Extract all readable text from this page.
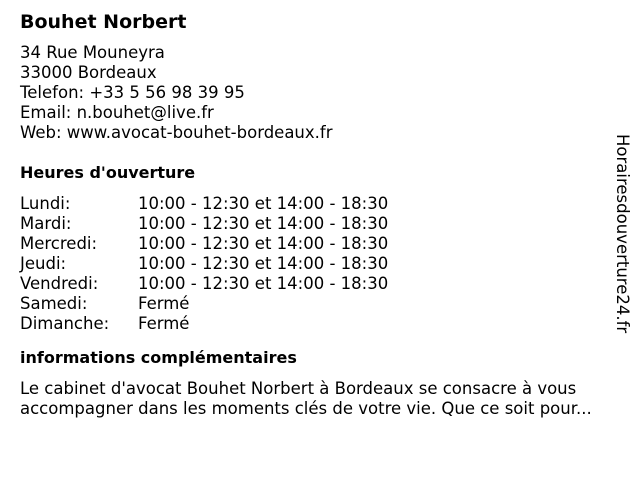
Bouhet Norbert
34 Rue Mouneyra
33000 Bordeaux
Telefon: +33 5 56 98 39 95
Email: n.bouhet@live.fr
Web: www.avocat-bouhet-bordeaux.fr
Heures d'ouverture
Lundi:	10:00 - 12:30 et 14:00 - 18:30
Mardi:	10:00 - 12:30 et 14:00 - 18:30
Mercredi:	10:00 - 12:30 et 14:00 - 18:30
Jeudi:	10:00 - 12:30 et 14:00 - 18:30
Vendredi:	10:00 - 12:30 et 14:00 - 18:30
Samedi:	Fermé
Dimanche:	Fermé
informations complémentaires
Le cabinet d'avocat Bouhet Norbert à Bordeaux se consacre à vous accompagner dans les moments clés de votre vie. Que ce soit pour...
Horairesdouverture24.fr
